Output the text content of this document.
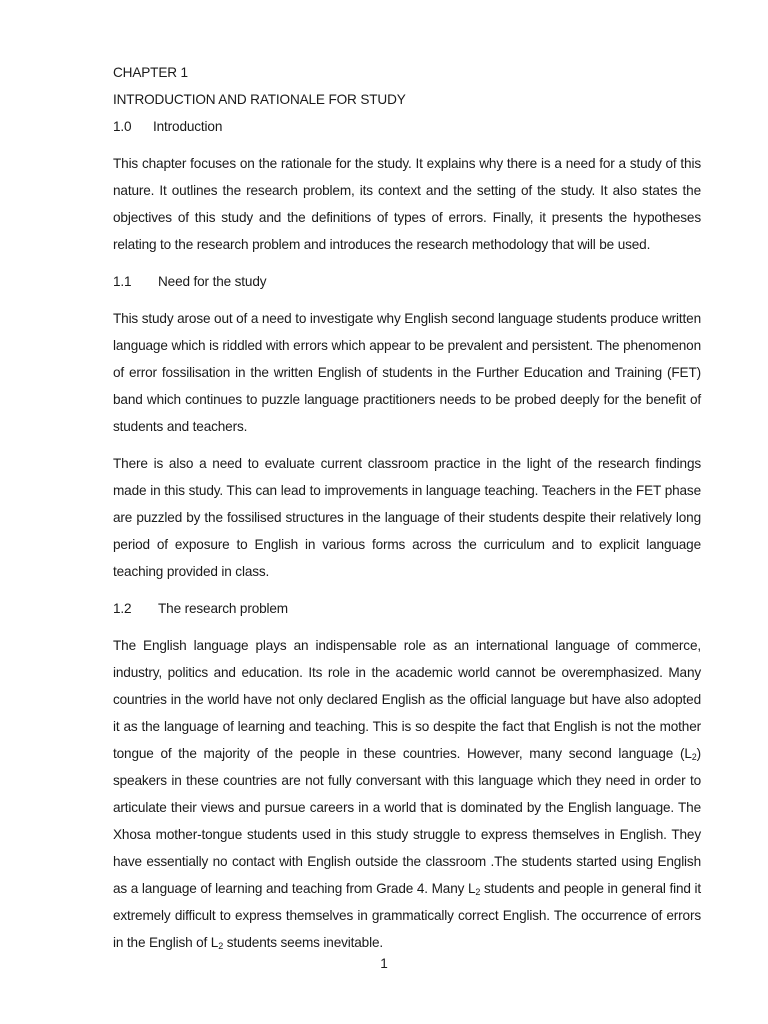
CHAPTER 1

INTRODUCTION AND RATIONALE FOR STUDY

1.0	Introduction

This chapter focuses on the rationale for the study. It explains why there is a need for a study of this nature. It outlines the research problem, its context and the setting of the study. It also states the objectives of this study and the definitions of types of errors. Finally, it presents the hypotheses relating to the research problem and introduces the research methodology that will be used.

1.1	Need for the study

This study arose out of a need to investigate why English second language students produce written language which is riddled with errors which appear to be prevalent and persistent. The phenomenon of error fossilisation in the written English of students in the Further Education and Training (FET) band which continues to puzzle language practitioners needs to be probed deeply for the benefit of students and teachers.

There is also a need to evaluate current classroom practice in the light of the research findings made in this study. This can lead to improvements in language teaching. Teachers in the FET phase are puzzled by the fossilised structures in the language of their students despite their relatively long period of exposure to English in various forms across the curriculum and to explicit language teaching provided in class.

1.2	The research problem

The English language plays an indispensable role as an international language of commerce, industry, politics and education. Its role in the academic world cannot be overemphasized. Many countries in the world have not only declared English as the official language but have also adopted it as the language of learning and teaching. This is so despite the fact that English is not the mother tongue of the majority of the people in these countries. However, many second language $(L_2)$ speakers in these countries are not fully conversant with this language which they need in order to articulate their views and pursue careers in a world that is dominated by the English language. The Xhosa mother-tongue students used in this study struggle to express themselves in English. They have essentially no contact with English outside the classroom .The students started using English as a language of learning and teaching from Grade 4. Many $L_2$ students and people in general find it extremely difficult to express themselves in grammatically correct English. The occurrence of errors in the English of $L_2$ students seems inevitable.

1
